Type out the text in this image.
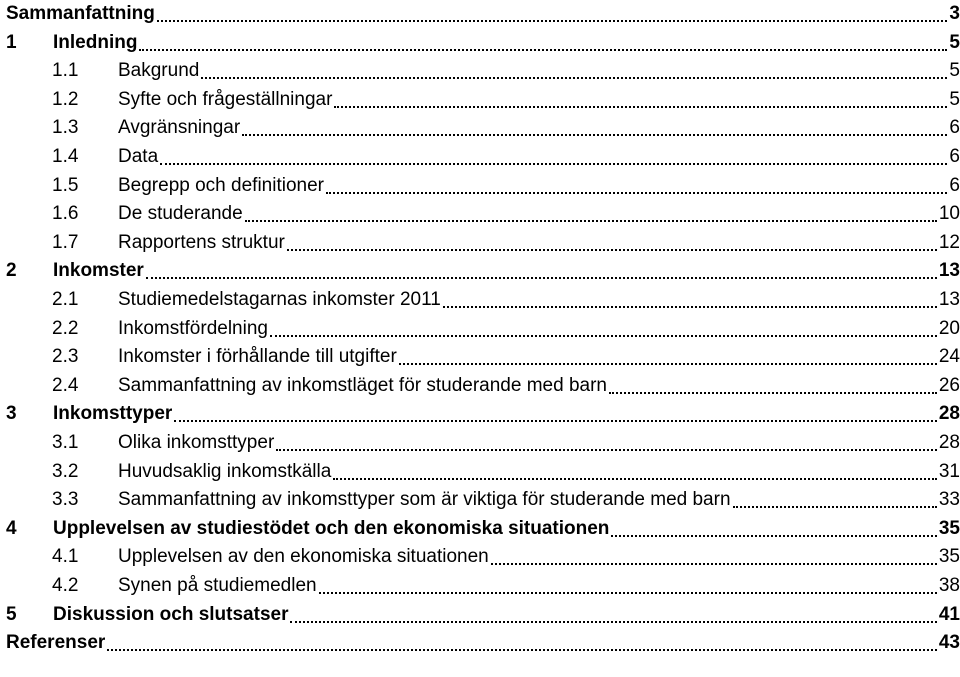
Sammanfattning	3
1	Inledning	5
1.1	Bakgrund	5
1.2	Syfte och frågeställningar	5
1.3	Avgränsningar	6
1.4	Data	6
1.5	Begrepp och definitioner	6
1.6	De studerande	10
1.7	Rapportens struktur	12
2	Inkomster	13
2.1	Studiemedelstagarnas inkomster 2011	13
2.2	Inkomstfördelning	20
2.3	Inkomster i förhållande till utgifter	24
2.4	Sammanfattning av inkomstläget för studerande med barn	26
3	Inkomsttyper	28
3.1	Olika inkomsttyper	28
3.2	Huvudsaklig inkomstkälla	31
3.3	Sammanfattning av inkomsttyper som är viktiga för studerande med barn	33
4	Upplevelsen av studiestödet och den ekonomiska situationen	35
4.1	Upplevelsen av den ekonomiska situationen	35
4.2	Synen på studiemedlen	38
5	Diskussion och slutsatser	41
Referenser	43
